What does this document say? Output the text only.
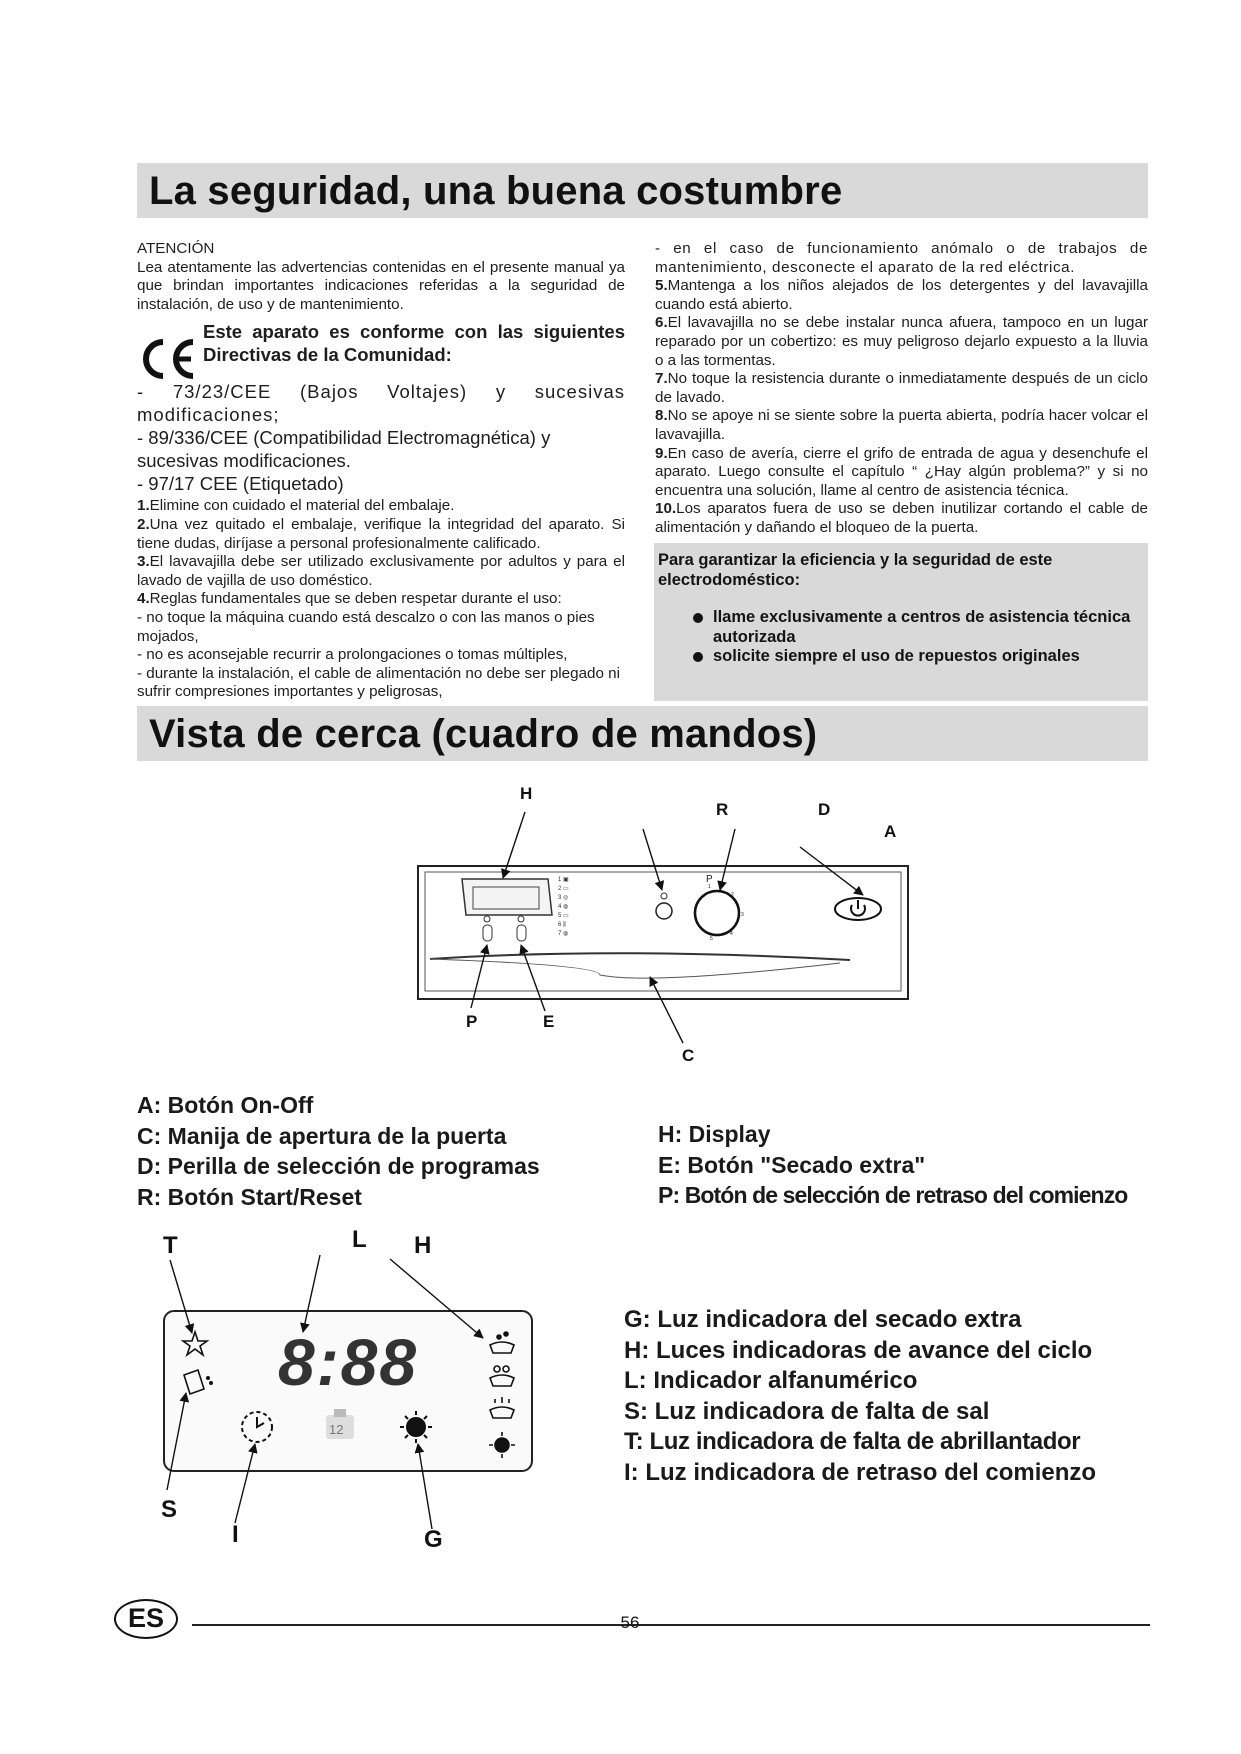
La seguridad, una buena costumbre

ATENCIÓN

Lea atentamente las advertencias contenidas en el presente manual ya que brindan importantes indicaciones referidas a la seguridad de instalación, de uso y de mantenimiento.

Este aparato es conforme con las siguientes Directivas de la Comunidad:

- 73/23/CEE (Bajos Voltajes) y sucesivas modificaciones;

- 89/336/CEE (Compatibilidad Electromagnética) y sucesivas modificaciones.

- 97/17 CEE (Etiquetado)

1.Elimine con cuidado el material del embalaje.

2.Una vez quitado el embalaje, verifique la integridad del aparato. Si tiene dudas, diríjase a personal profesionalmente calificado.

3.El lavavajilla debe ser utilizado exclusivamente por adultos y para el lavado de vajilla de uso doméstico.

4.Reglas fundamentales que se deben respetar durante el uso:

- no toque la máquina cuando está descalzo o con las manos o pies mojados,

- no es aconsejable recurrir a prolongaciones o tomas múltiples,

- durante la instalación, el cable de alimentación no debe ser plegado ni sufrir compresiones importantes y peligrosas,

- en el caso de funcionamiento anómalo o de trabajos de mantenimiento, desconecte el aparato de la red eléctrica.

5.Mantenga a los niños alejados de los detergentes y del lavavajilla cuando está abierto.

6.El lavavajilla no se debe instalar nunca afuera, tampoco en un lugar reparado por un cobertizo: es muy peligroso dejarlo expuesto a la lluvia o a las tormentas.

7.No toque la resistencia durante o inmediatamente después de un ciclo de lavado.

8.No se apoye ni se siente sobre la puerta abierta, podría hacer volcar el lavavajilla.

9.En caso de avería, cierre el grifo de entrada de agua y desenchufe el aparato. Luego consulte el capítulo “ ¿Hay algún problema?” y si no encuentra una solución, llame al centro de asistencia técnica.

10.Los aparatos fuera de uso se deben inutilizar cortando el cable de alimentación y dañando el bloqueo de la puerta.

Para garantizar la eficiencia y la seguridad de este electrodoméstico:
llame exclusivamente a centros de asistencia técnica autorizada
solicite siempre el uso de repuestos originales
Vista de cerca (cuadro de mandos)
1 ▣
2 ▭
3 ◎
4 ◍
5 ▭
6 ⫼
7 ◍
1
2
3
4
5
7
P
H
R	D
A
P	E
C
A: Botón On-Off
C: Manija de apertura de la puerta
D: Perilla de selección de programas
R: Botón Start/Reset
H: Display
E: Botón "Secado extra"
P: Botón de selección de retraso del comienzo
8:88
12
T	L H
S
I	G
G: Luz indicadora del secado extra
H: Luces indicadoras de avance del ciclo
L: Indicador alfanumérico
S: Luz indicadora de falta de sal
T: Luz indicadora de falta de abrillantador
I: Luz indicadora de retraso del comienzo
ES	56
